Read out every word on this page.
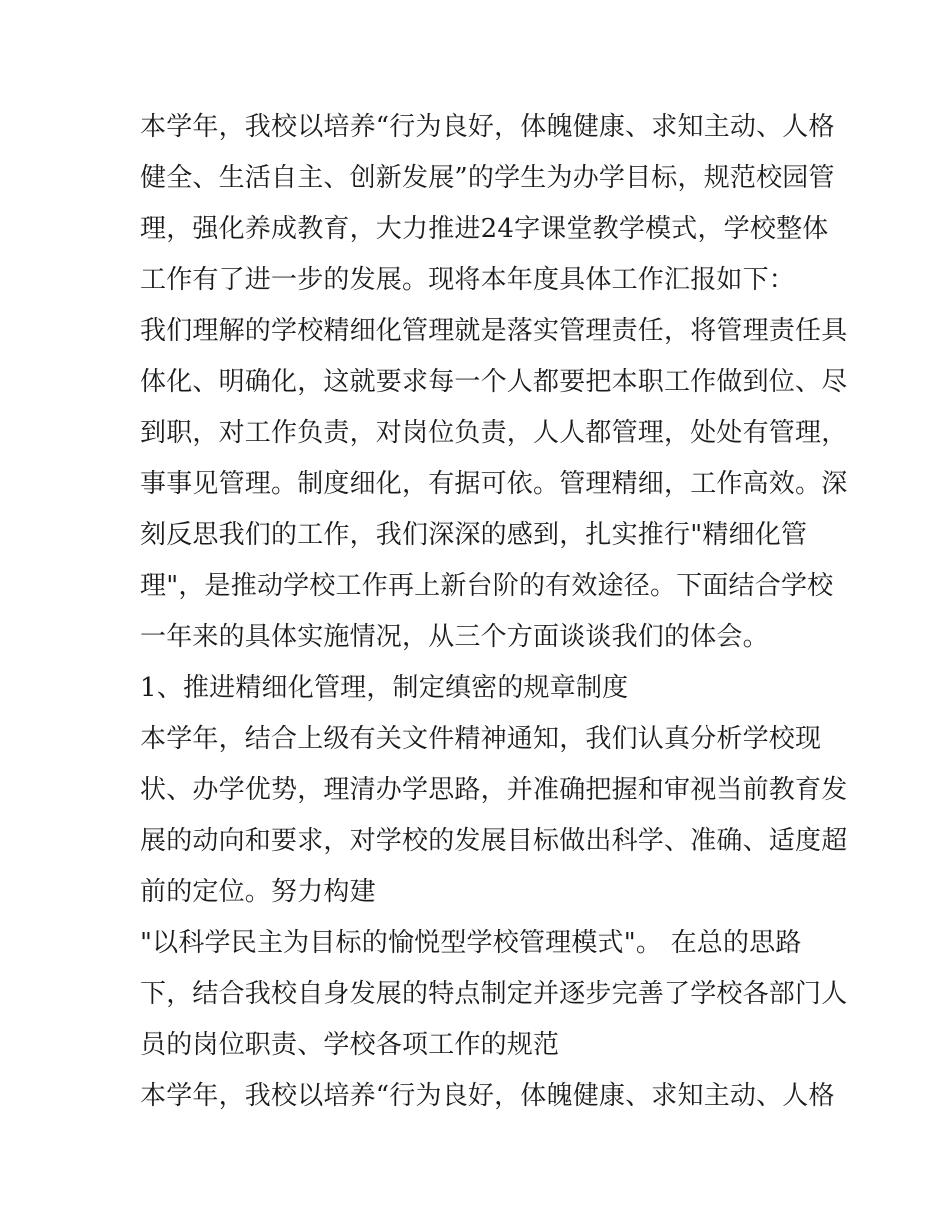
本学年，我校以培养“行为良好，体魄健康、求知主动、人格
健全、生活自主、创新发展”的学生为办学目标，规范校园管
理，强化养成教育，大力推进24字课堂教学模式，学校整体
工作有了进一步的发展。现将本年度具体工作汇报如下：
我们理解的学校精细化管理就是落实管理责任，将管理责任具
体化、明确化，这就要求每一个人都要把本职工作做到位、尽
到职，对工作负责，对岗位负责，人人都管理，处处有管理，
事事见管理。制度细化，有据可依。管理精细，工作高效。深
刻反思我们的工作，我们深深的感到，扎实推行"精细化管
理"，是推动学校工作再上新台阶的有效途径。下面结合学校
一年来的具体实施情况，从三个方面谈谈我们的体会。
1、推进精细化管理，制定缜密的规章制度
本学年，结合上级有关文件精神通知，我们认真分析学校现
状、办学优势，理清办学思路，并准确把握和审视当前教育发
展的动向和要求，对学校的发展目标做出科学、准确、适度超
前的定位。努力构建
"以科学民主为目标的愉悦型学校管理模式"。 在总的思路
下，结合我校自身发展的特点制定并逐步完善了学校各部门人
员的岗位职责、学校各项工作的规范
本学年，我校以培养“行为良好，体魄健康、求知主动、人格
